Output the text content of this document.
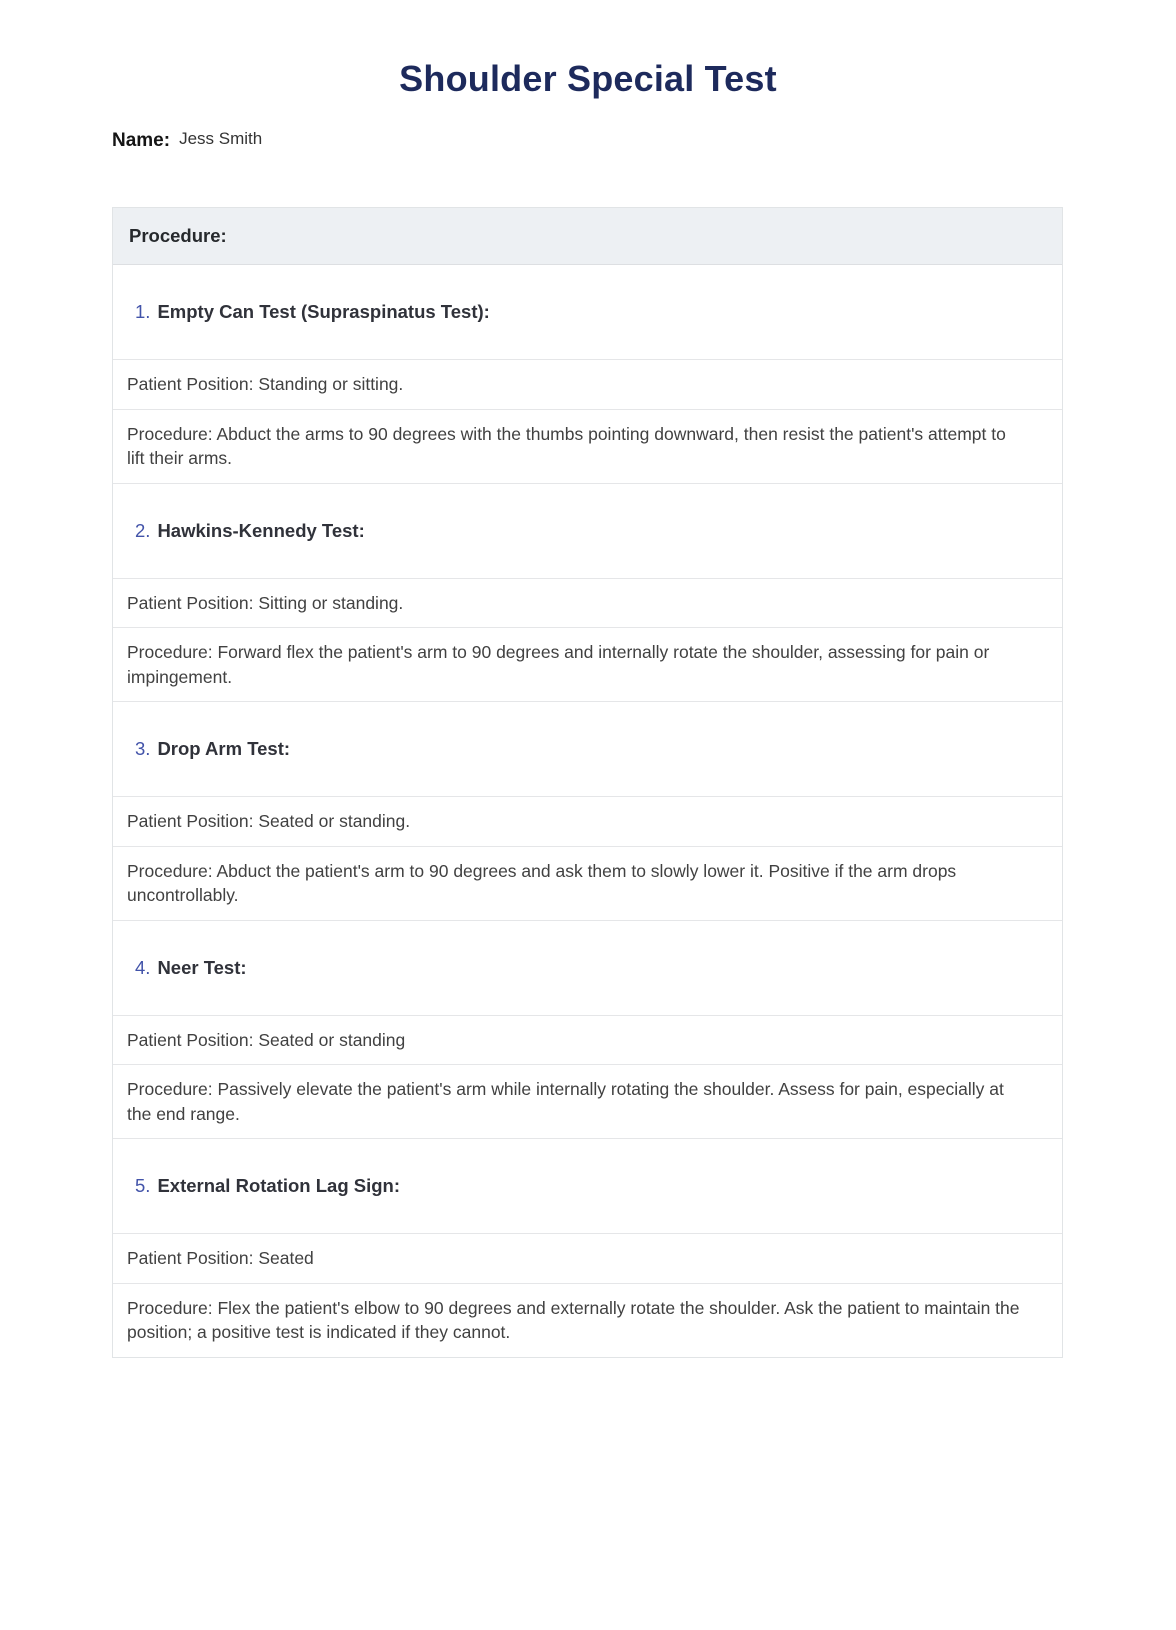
Shoulder Special Test
Name: Jess Smith
Procedure:
1. Empty Can Test (Supraspinatus Test):
Patient Position: Standing or sitting.
Procedure: Abduct the arms to 90 degrees with the thumbs pointing downward, then resist the patient's attempt to lift their arms.
2. Hawkins-Kennedy Test:
Patient Position: Sitting or standing.
Procedure: Forward flex the patient's arm to 90 degrees and internally rotate the shoulder, assessing for pain or impingement.
3. Drop Arm Test:
Patient Position: Seated or standing.
Procedure: Abduct the patient's arm to 90 degrees and ask them to slowly lower it. Positive if the arm drops uncontrollably.
4. Neer Test:
Patient Position: Seated or standing
Procedure: Passively elevate the patient's arm while internally rotating the shoulder. Assess for pain, especially at the end range.
5. External Rotation Lag Sign:
Patient Position: Seated
Procedure: Flex the patient's elbow to 90 degrees and externally rotate the shoulder. Ask the patient to maintain the position; a positive test is indicated if they cannot.
